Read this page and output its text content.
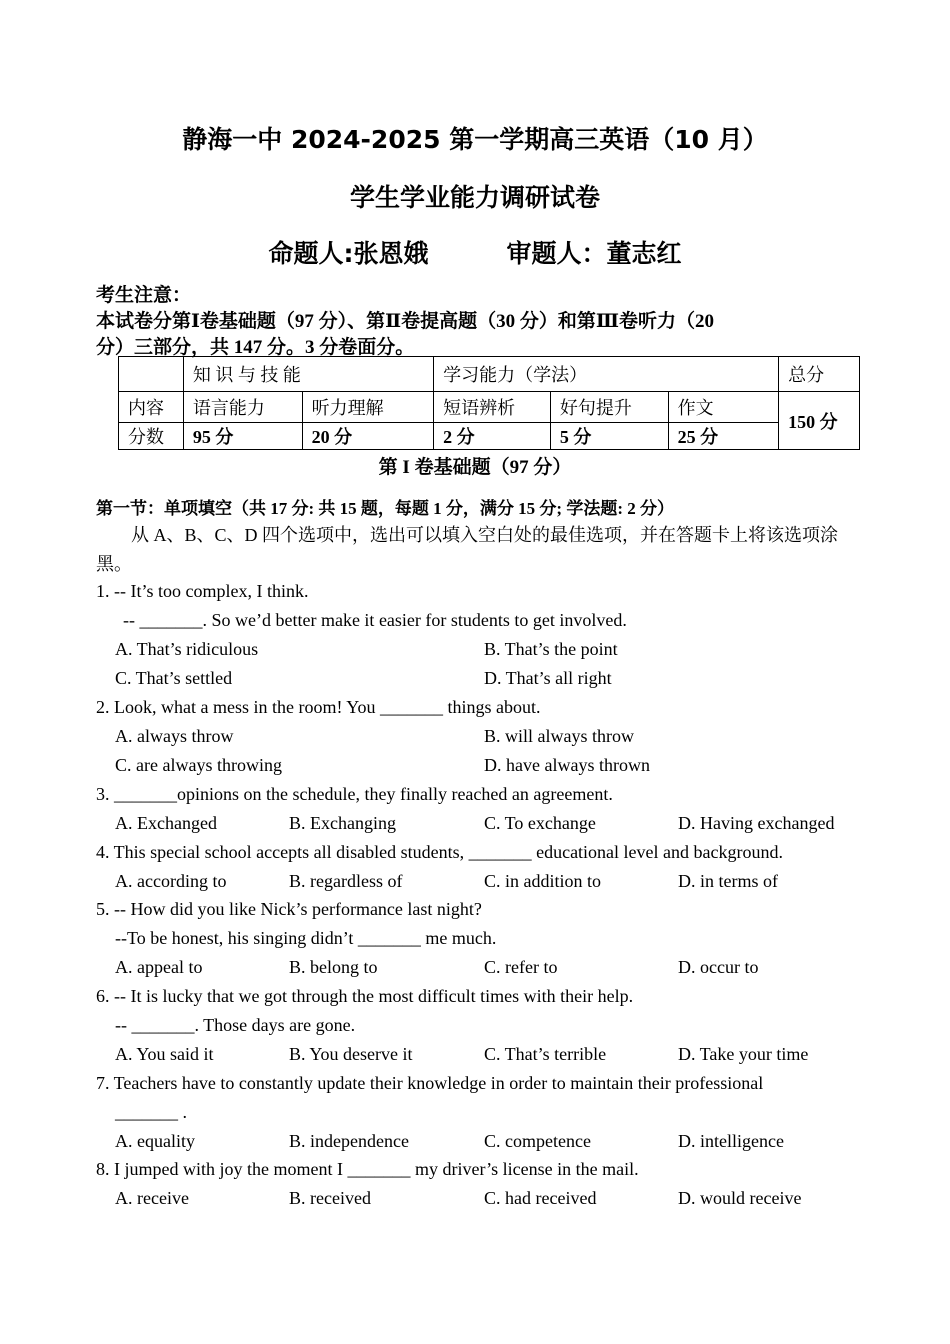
静海一中 2024-2025 第一学期高三英语（10 月）
学生学业能力调研试卷
命题人:张恩娥	审题人：董志红
考生注意：
本试卷分第Ⅰ卷基础题（97 分）、第Ⅱ卷提高题（30 分）和第Ⅲ卷听力（20
分）三部分，共 147 分。3 分卷面分。
	知 识 与 技 能		学习能力（学法）			总分
内容	语言能力	听力理解	短语辨析	好句提升	作文	150 分
分数	95 分	20 分	2 分	5 分	25 分	
第 I 卷基础题（97 分）
第一节：单项填空（共 17 分: 共 15 题，每题 1 分，满分 15 分; 学法题: 2 分）
从 A、B、C、D 四个选项中，选出可以填入空白处的最佳选项，并在答题卡上将该选项涂黑。
1. -- It’s too complex, I think.
-- _______. So we’d better make it easier for students to get involved.
A. That’s ridiculous	B. That’s the point
C. That’s settled	D. That’s all right
2. Look, what a mess in the room! You _______ things about.
A. always throw	B. will always throw
C. are always throwing	D. have always thrown
3. _______opinions on the schedule, they finally reached an agreement.
A. Exchanged	B. Exchanging	C. To exchange	D. Having exchanged
4. This special school accepts all disabled students, _______ educational level and background.
A. according to	B. regardless of	C. in addition to	D. in terms of
5. -- How did you like Nick’s performance last night?
--To be honest, his singing didn’t _______ me much.
A. appeal to	B. belong to	C. refer to	D. occur to
6. -- It is lucky that we got through the most difficult times with their help.
-- _______. Those days are gone.
A. You said it	B. You deserve it	C. That’s terrible	D. Take your time
7. Teachers have to constantly update their knowledge in order to maintain their professional
_______ .
A. equality	B. independence	C. competence	D. intelligence
8. I jumped with joy the moment I _______ my driver’s license in the mail.
A. receive	B. received	C. had received	D. would receive
